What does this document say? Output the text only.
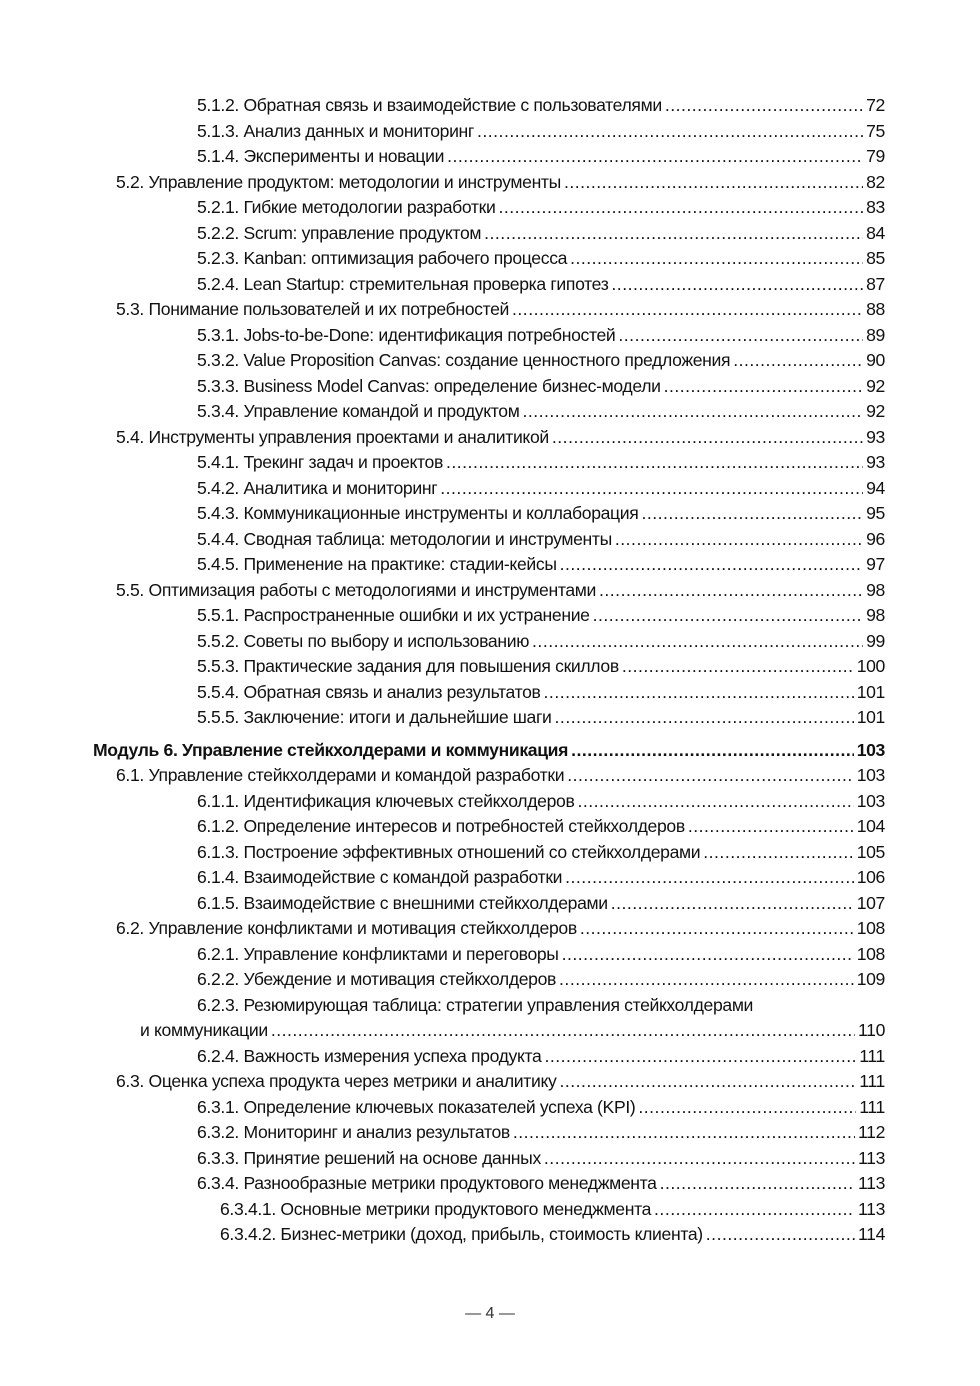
5.1.2. Обратная связь и взаимодействие с пользователями .....	72
5.1.3. Анализ данных и мониторинг .....	75
5.1.4. Эксперименты и новации .....	79
5.2. Управление продуктом: методологии и инструменты .....	82
5.2.1. Гибкие методологии разработки .....	83
5.2.2. Scrum: управление продуктом .....	84
5.2.3. Kanban: оптимизация рабочего процесса .....	85
5.2.4. Lean Startup: стремительная проверка гипотез .....	87
5.3. Понимание пользователей и их потребностей .....	88
5.3.1. Jobs-to-be-Done: идентификация потребностей .....	89
5.3.2. Value Proposition Canvas: создание ценностного предложения .....	90
5.3.3. Business Model Canvas: определение бизнес-модели .....	92
5.3.4. Управление командой и продуктом .....	92
5.4. Инструменты управления проектами и аналитикой .....	93
5.4.1. Трекинг задач и проектов .....	93
5.4.2. Аналитика и мониторинг .....	94
5.4.3. Коммуникационные инструменты и коллаборация .....	95
5.4.4. Сводная таблица: методологии и инструменты .....	96
5.4.5. Применение на практике: стадии-кейсы .....	97
5.5. Оптимизация работы с методологиями и инструментами .....	98
5.5.1. Распространенные ошибки и их устранение .....	98
5.5.2. Советы по выбору и использованию .....	99
5.5.3. Практические задания для повышения скиллов .....	100
5.5.4. Обратная связь и анализ результатов .....	101
5.5.5. Заключение: итоги и дальнейшие шаги .....	101
Модуль 6. Управление стейкхолдерами и коммуникация .....	103
6.1. Управление стейкхолдерами и командой разработки .....	103
6.1.1. Идентификация ключевых стейкхолдеров .....	103
6.1.2. Определение интересов и потребностей стейкхолдеров .....	104
6.1.3. Построение эффективных отношений со стейкхолдерами .....	105
6.1.4. Взаимодействие с командой разработки .....	106
6.1.5. Взаимодействие с внешними стейкхолдерами .....	107
6.2. Управление конфликтами и мотивация стейкхолдеров .....	108
6.2.1. Управление конфликтами и переговоры .....	108
6.2.2. Убеждение и мотивация стейкхолдеров .....	109
6.2.3. Резюмирующая таблица: стратегии управления стейкхолдерами
и коммуникации .....	110
6.2.4. Важность измерения успеха продукта .....	111
6.3. Оценка успеха продукта через метрики и аналитику .....	111
6.3.1. Определение ключевых показателей успеха (KPI) .....	111
6.3.2. Мониторинг и анализ результатов .....	112
6.3.3. Принятие решений на основе данных .....	113
6.3.4. Разнообразные метрики продуктового менеджмента .....	113
6.3.4.1. Основные метрики продуктового менеджмента .....	113
6.3.4.2. Бизнес-метрики (доход, прибыль, стоимость клиента) .....	114
— 4 —
